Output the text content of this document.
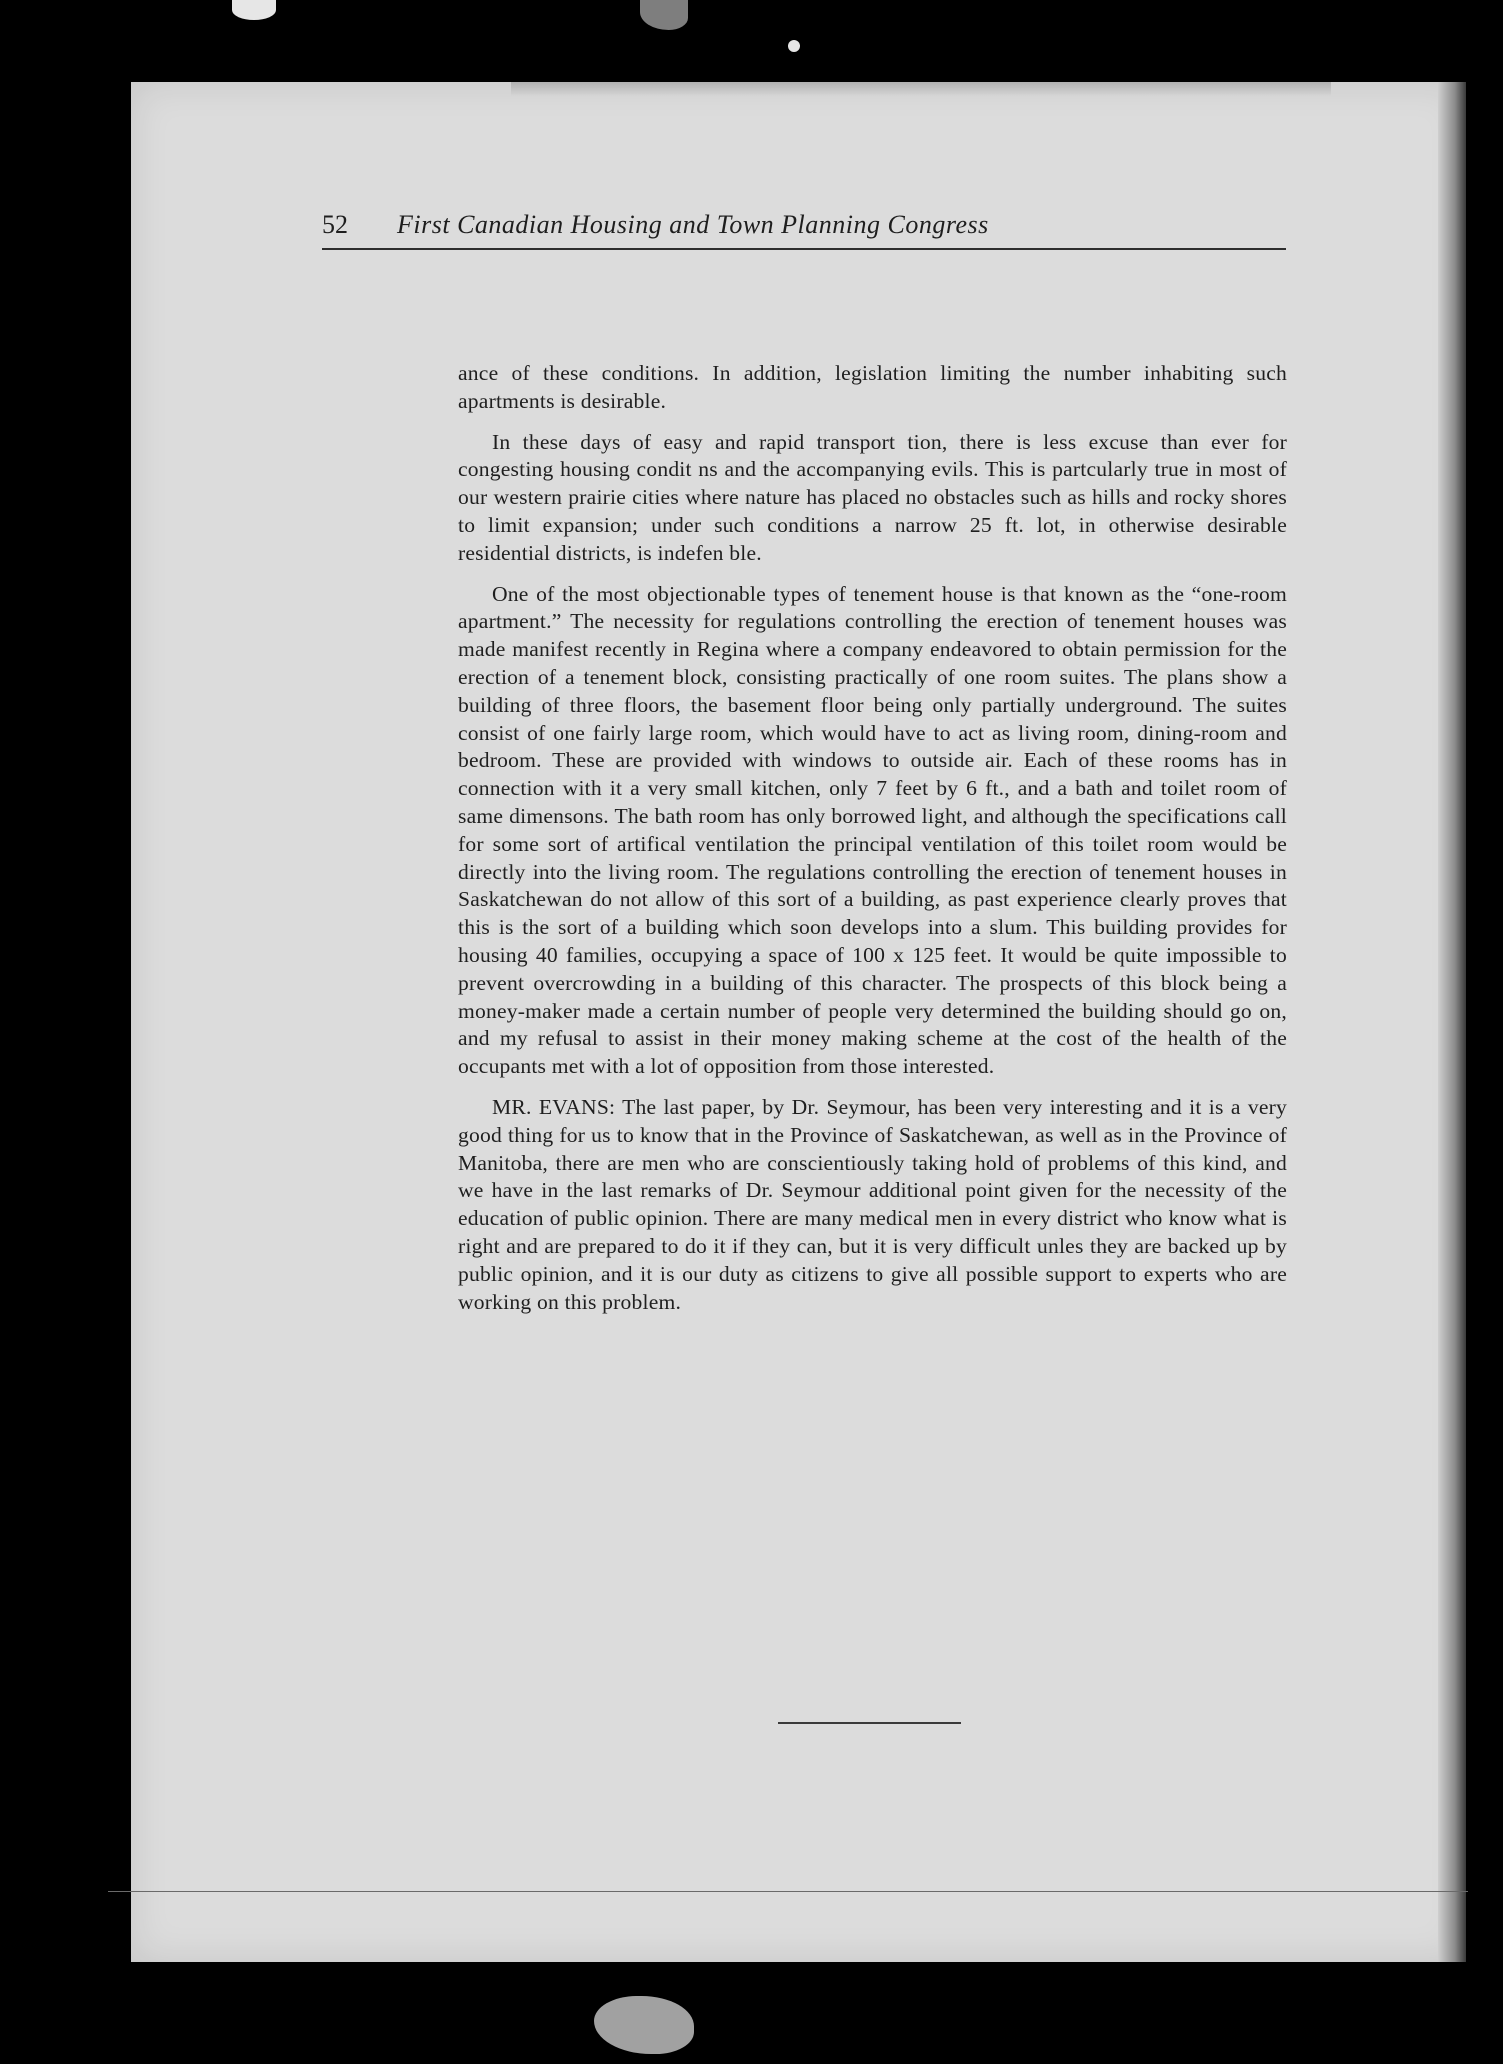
52 First Canadian Housing and Town Planning Congress

ance of these conditions. In addition, legislation limiting the number inhabiting such apartments is desirable.

In these days of easy and rapid transport tion, there is less excuse than ever for congesting housing condit ns and the accompanying evils. This is partcularly true in most of our western prairie cities where nature has placed no obstacles such as hills and rocky shores to limit expansion; under such conditions a narrow 25 ft. lot, in otherwise desirable residential districts, is indefen ble.

One of the most objectionable types of tenement house is that known as the “one-room apartment.” The necessity for regulations controlling the erection of tenement houses was made manifest recently in Regina where a company endeavored to obtain permission for the erection of a tenement block, consisting practically of one room suites. The plans show a building of three floors, the basement floor being only partially underground. The suites consist of one fairly large room, which would have to act as living room, dining-room and bedroom. These are provided with windows to outside air. Each of these rooms has in connection with it a very small kitchen, only 7 feet by 6 ft., and a bath and toilet room of same dimensons. The bath room has only borrowed light, and although the specifications call for some sort of artifical ventilation the principal ventilation of this toilet room would be directly into the living room. The regulations controlling the erection of tenement houses in Saskatchewan do not allow of this sort of a building, as past experience clearly proves that this is the sort of a building which soon develops into a slum. This building provides for housing 40 families, occupying a space of 100 x 125 feet. It would be quite impossible to prevent overcrowding in a building of this character. The prospects of this block being a money-maker made a certain number of people very determined the building should go on, and my refusal to assist in their money making scheme at the cost of the health of the occupants met with a lot of opposition from those interested.

MR. EVANS: The last paper, by Dr. Seymour, has been very interesting and it is a very good thing for us to know that in the Province of Saskatchewan, as well as in the Province of Manitoba, there are men who are conscientiously taking hold of problems of this kind, and we have in the last remarks of Dr. Seymour additional point given for the necessity of the education of public opinion. There are many medical men in every district who know what is right and are prepared to do it if they can, but it is very difficult unles they are backed up by public opinion, and it is our duty as citizens to give all possible support to experts who are working on this problem.
